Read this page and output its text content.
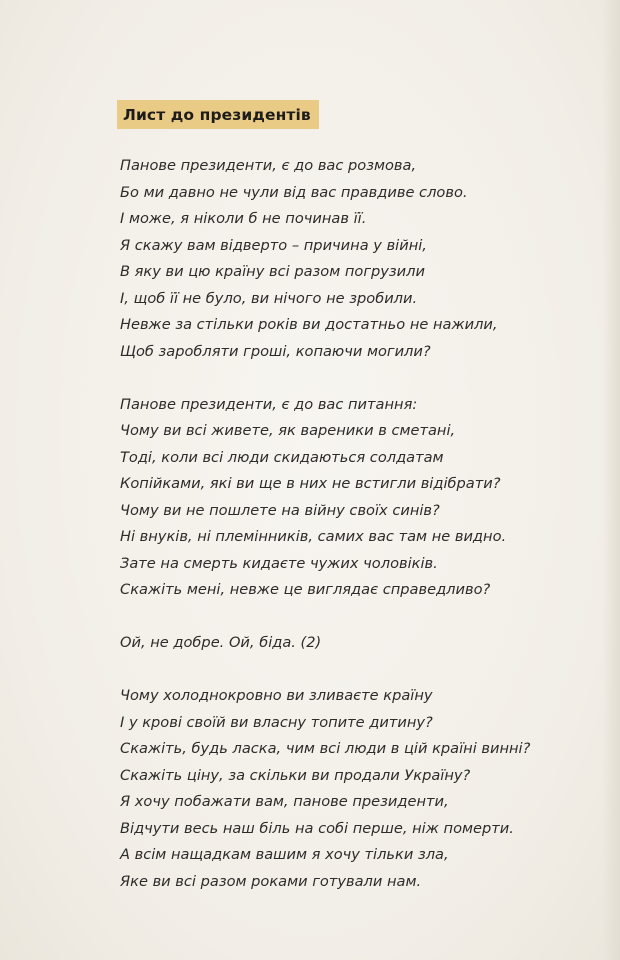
Лист до президентів
Панове президенти, є до вас розмова,
Бо ми давно не чули від вас правдиве слово.
І може, я ніколи б не починав її.
Я скажу вам відверто – причина у війні,
В яку ви цю країну всі разом погрузили
І, щоб її не було, ви нічого не зробили.
Невже за стільки років ви достатньо не нажили,
Щоб заробляти гроші, копаючи могили?
Панове президенти, є до вас питання:
Чому ви всі живете, як вареники в сметані,
Тоді, коли всі люди скидаються солдатам
Копійками, які ви ще в них не встигли відібрати?
Чому ви не пошлете на війну своїх синів?
Ні внуків, ні племінників, самих вас там не видно.
Зате на смерть кидаєте чужих чоловіків.
Скажіть мені, невже це виглядає справедливо?
Ой, не добре. Ой, біда. (2)
Чому холоднокровно ви зливаєте країну
І у крові своїй ви власну топите дитину?
Скажіть, будь ласка, чим всі люди в цій країні винні?
Скажіть ціну, за скільки ви продали Україну?
Я хочу побажати вам, панове президенти,
Відчути весь наш біль на собі перше, ніж померти.
А всім нащадкам вашим я хочу тільки зла,
Яке ви всі разом роками готували нам.
